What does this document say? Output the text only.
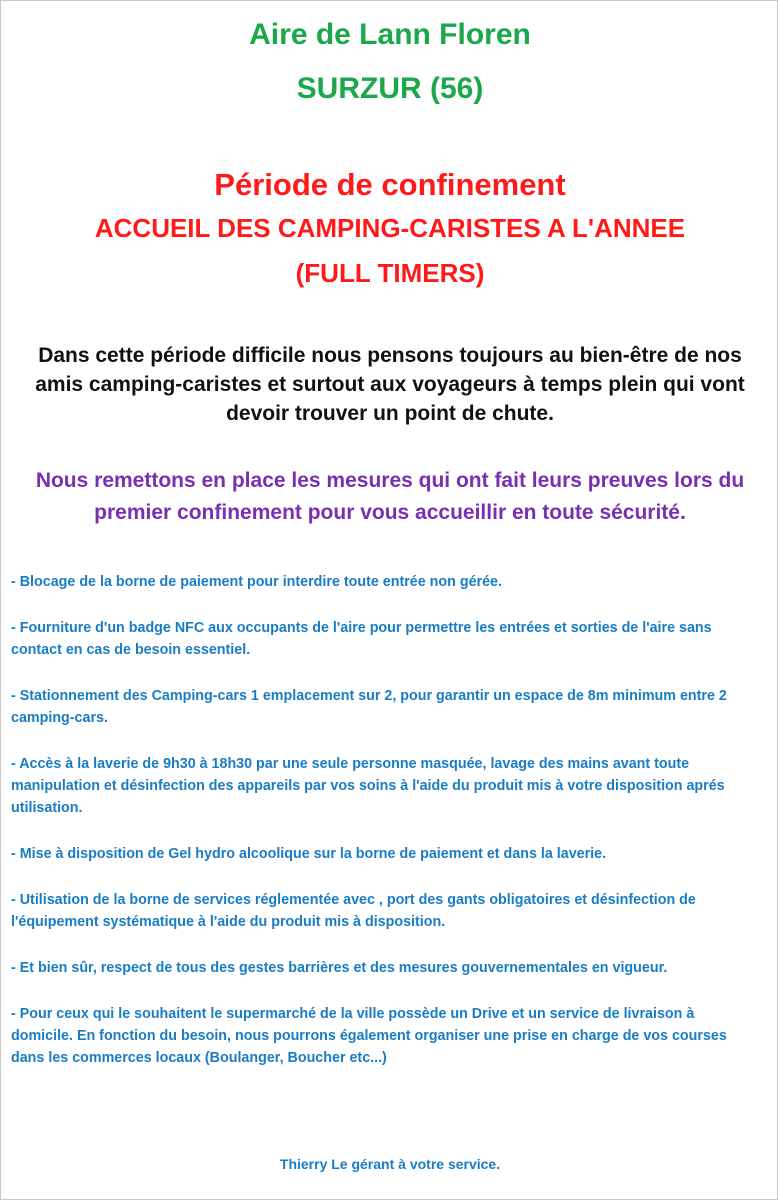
Aire de Lann Floren
SURZUR (56)
Période de confinement
ACCUEIL DES CAMPING-CARISTES A L'ANNEE
(FULL TIMERS)
Dans cette période difficile nous pensons toujours au bien-être de nos amis camping-caristes et surtout aux voyageurs à temps plein qui vont devoir trouver un point de chute.
Nous remettons en place les mesures qui ont fait leurs preuves lors du premier confinement pour vous accueillir en toute sécurité.

- Blocage de la borne de paiement pour interdire toute entrée non gérée.

- Fourniture d'un badge NFC aux occupants de l'aire pour permettre les entrées et sorties de l'aire sans contact en cas de besoin essentiel.

- Stationnement des Camping-cars 1 emplacement sur 2, pour garantir un espace de 8m minimum entre 2 camping-cars.

- Accès à la laverie de 9h30 à 18h30 par une seule personne masquée, lavage des mains avant toute manipulation et désinfection des appareils par vos soins à l'aide du produit mis à votre disposition aprés utilisation.

- Mise à disposition de Gel hydro alcoolique sur la borne de paiement et dans la laverie.

- Utilisation de la borne de services réglementée avec , port des gants obligatoires et désinfection de l'équipement systématique à l'aide du produit mis à disposition.

- Et bien sûr, respect de tous des gestes barrières et des mesures gouvernementales en vigueur.

- Pour ceux qui le souhaitent le supermarché de la ville possède un Drive et un service de livraison à domicile. En fonction du besoin, nous pourrons également organiser une prise en charge de vos courses dans les commerces locaux (Boulanger, Boucher etc...)

Thierry Le gérant à votre service.
